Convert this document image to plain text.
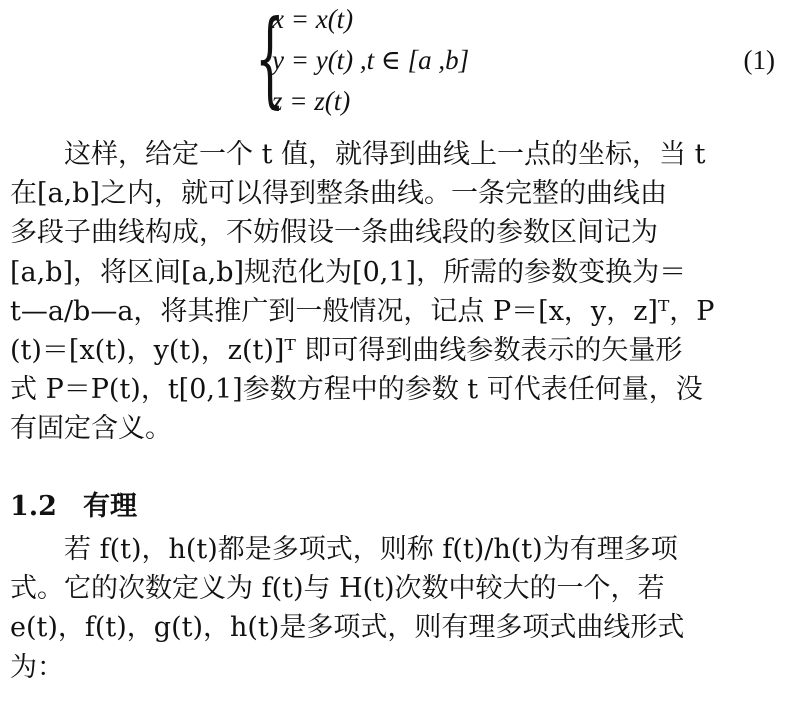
{
x = x(t)
y = y(t) ,t ∈ [a ,b]
z = z(t)
(1)
这样，给定一个 t 值，就得到曲线上一点的坐标，当 t
在[a,b]之内，就可以得到整条曲线。一条完整的曲线由
多段子曲线构成，不妨假设一条曲线段的参数区间记为
[a,b]，将区间[a,b]规范化为[0,1]，所需的参数变换为＝
t—a/b—a，将其推广到一般情况，记点 P＝[x，y，z]ᵀ，P
(t)＝[x(t)，y(t)，z(t)]ᵀ 即可得到曲线参数表示的矢量形
式 P＝P(t)，t[0,1]参数方程中的参数 t 可代表任何量，没
有固定含义。
1.2 有理
若 f(t)，h(t)都是多项式，则称 f(t)/h(t)为有理多项
式。它的次数定义为 f(t)与 H(t)次数中较大的一个，若
e(t)，f(t)，g(t)，h(t)是多项式，则有理多项式曲线形式
为：
